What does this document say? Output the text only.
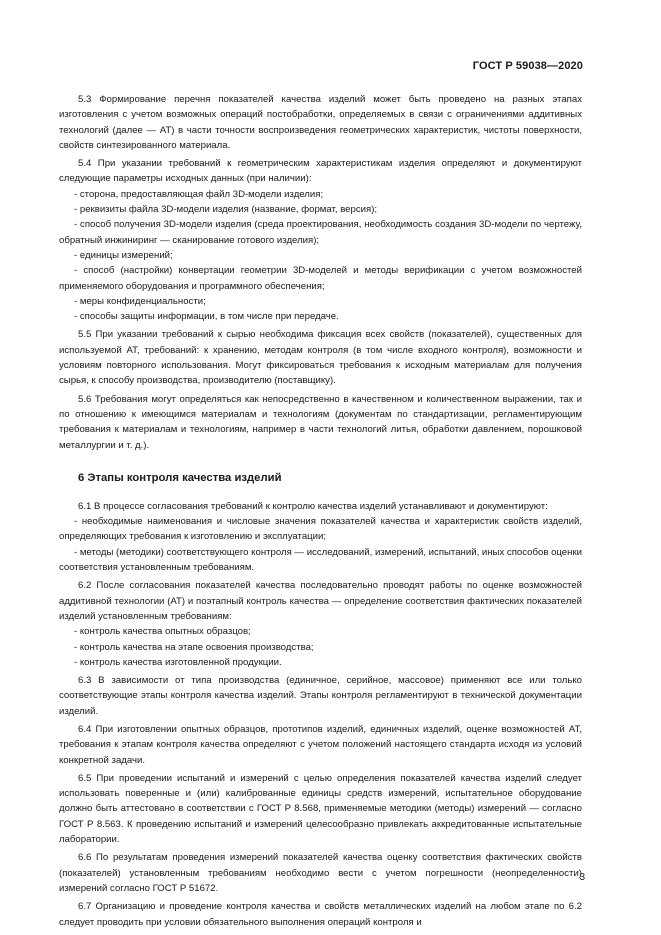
ГОСТ Р 59038—2020

5.3 Формирование перечня показателей качества изделий может быть проведено на разных этапах изготовления с учетом возможных операций постобработки, определяемых в связи с ограничениями аддитивных технологий (далее — АТ) в части точности воспроизведения геометрических характеристик, чистоты поверхности, свойств синтезированного материала.

5.4 При указании требований к геометрическим характеристикам изделия определяют и документируют следующие параметры исходных данных (при наличии):

- сторона, предоставляющая файл 3D-модели изделия;

- реквизиты файла 3D-модели изделия (название, формат, версия);

- способ получения 3D-модели изделия (среда проектирования, необходимость создания 3D-модели по чертежу, обратный инжиниринг — сканирование готового изделия);

- единицы измерений;

- способ (настройки) конвертации геометрии 3D-моделей и методы верификации с учетом возможностей применяемого оборудования и программного обеспечения;

- меры конфиденциальности;

- способы защиты информации, в том числе при передаче.

5.5 При указании требований к сырью необходима фиксация всех свойств (показателей), существенных для используемой АТ, требований: к хранению, методам контроля (в том числе входного контроля), возможности и условиям повторного использования. Могут фиксироваться требования к исходным материалам для получения сырья, к способу производства, производителю (поставщику).

5.6 Требования могут определяться как непосредственно в качественном и количественном выражении, так и по отношению к имеющимся материалам и технологиям (документам по стандартизации, регламентирующим требования к материалам и технологиям, например в части технологий литья, обработки давлением, порошковой металлургии и т. д.).

6 Этапы контроля качества изделий

6.1 В процессе согласования требований к контролю качества изделий устанавливают и документируют:

- необходимые наименования и числовые значения показателей качества и характеристик свойств изделий, определяющих требования к изготовлению и эксплуатации;

- методы (методики) соответствующего контроля — исследований, измерений, испытаний, иных способов оценки соответствия установленным требованиям.

6.2 После согласования показателей качества последовательно проводят работы по оценке возможностей аддитивной технологии (АТ) и поэтапный контроль качества — определение соответствия фактических показателей изделий установленным требованиям:

- контроль качества опытных образцов;

- контроль качества на этапе освоения производства;

- контроль качества изготовленной продукции.

6.3 В зависимости от типа производства (единичное, серийное, массовое) применяют все или только соответствующие этапы контроля качества изделий. Этапы контроля регламентируют в технической документации изделий.

6.4 При изготовлении опытных образцов, прототипов изделий, единичных изделий, оценке возможностей АТ, требования к этапам контроля качества определяют с учетом положений настоящего стандарта исходя из условий конкретной задачи.

6.5 При проведении испытаний и измерений с целью определения показателей качества изделий следует использовать поверенные и (или) калиброванные единицы средств измерений, испытательное оборудование должно быть аттестовано в соответствии с ГОСТ Р 8.568, применяемые методики (методы) измерений — согласно ГОСТ Р 8.563. К проведению испытаний и измерений целесообразно привлекать аккредитованные испытательные лаборатории.

6.6 По результатам проведения измерений показателей качества оценку соответствия фактических свойств (показателей) установленным требованиям необходимо вести с учетом погрешности (неопределенности) измерений согласно ГОСТ Р 51672.

6.7 Организацию и проведение контроля качества и свойств металлических изделий на любом этапе по 6.2 следует проводить при условии обязательного выполнения операций контроля и

3
